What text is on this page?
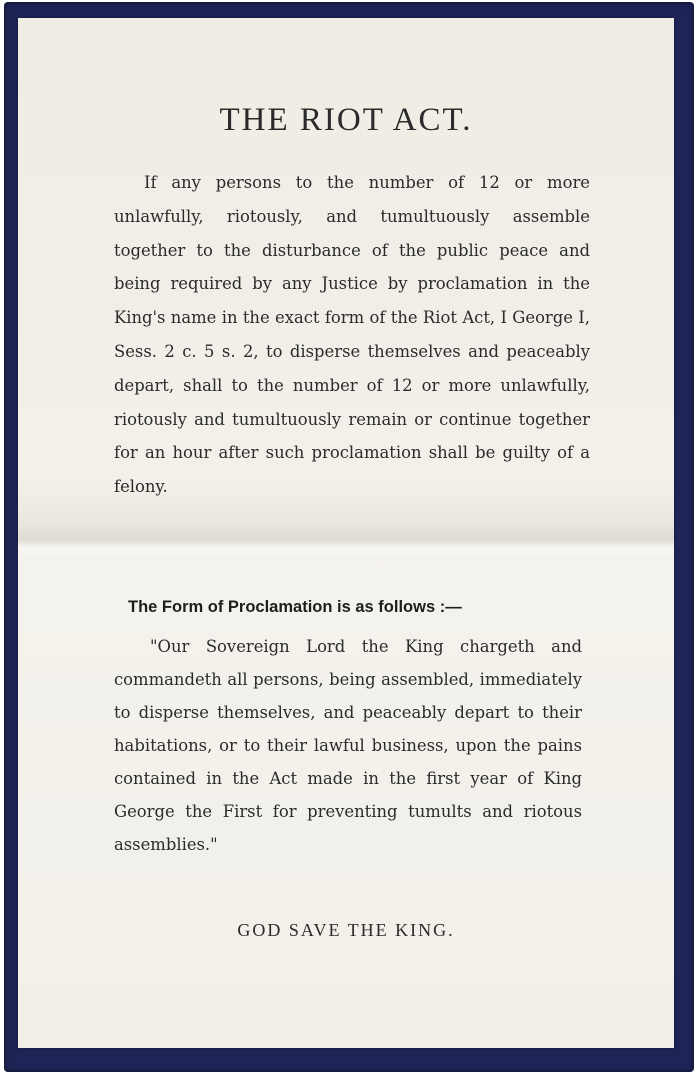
THE RIOT ACT.

If any persons to the number of 12 or more unlawfully, riotously, and tumultuously assemble together to the disturbance of the public peace and being required by any Justice by proclamation in the King's name in the exact form of the Riot Act, I George I, Sess. 2 c. 5 s. 2, to disperse themselves and peaceably depart, shall to the number of 12 or more unlawfully, riotously and tumultuously remain or continue together for an hour after such proclamation shall be guilty of a felony.

The Form of Proclamation is as follows :—

"Our Sovereign Lord the King chargeth and commandeth all persons, being assembled, immediately to disperse themselves, and peaceably depart to their habitations, or to their lawful business, upon the pains contained in the Act made in the first year of King George the First for preventing tumults and riotous assemblies."

GOD SAVE THE KING.
